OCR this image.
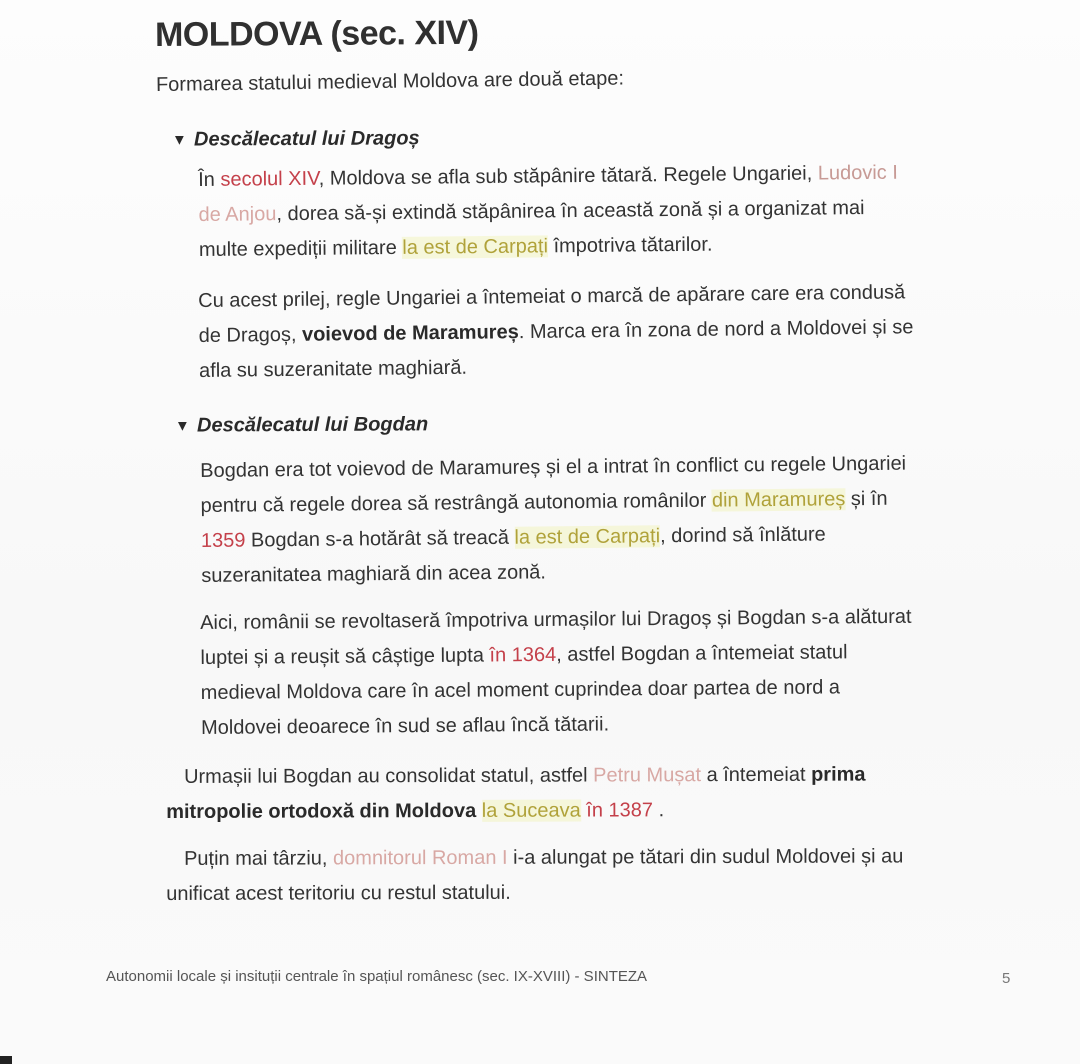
MOLDOVA (sec. XIV)
Formarea statului medieval Moldova are două etape:
▼ Descălecatul lui Dragoș
În secolul XIV, Moldova se afla sub stăpânire tătară. Regele Ungariei, Ludovic I
de Anjou, dorea să-și extindă stăpânirea în această zonă și a organizat mai
multe expediții militare la est de Carpați împotriva tătarilor.
Cu acest prilej, regle Ungariei a întemeiat o marcă de apărare care era condusă
de Dragoș, voievod de Maramureș. Marca era în zona de nord a Moldovei și se
afla su suzeranitate maghiară.
▼ Descălecatul lui Bogdan
Bogdan era tot voievod de Maramureș și el a intrat în conflict cu regele Ungariei
pentru că regele dorea să restrângă autonomia românilor din Maramureș și în
1359 Bogdan s-a hotărât să treacă la est de Carpați, dorind să înlăture
suzeranitatea maghiară din acea zonă.
Aici, românii se revoltaseră împotriva urmașilor lui Dragoș și Bogdan s-a alăturat
luptei și a reușit să câștige lupta în 1364, astfel Bogdan a întemeiat statul
medieval Moldova care în acel moment cuprindea doar partea de nord a
Moldovei deoarece în sud se aflau încă tătarii.
Urmașii lui Bogdan au consolidat statul, astfel Petru Mușat a întemeiat prima
mitropolie ortodoxă din Moldova la Suceava în 1387 .
Puțin mai târziu, domnitorul Roman I i-a alungat pe tătari din sudul Moldovei și au
unificat acest teritoriu cu restul statului.
Autonomii locale și insituții centrale în spațiul românesc (sec. IX-XVIII) - SINTEZA	5
